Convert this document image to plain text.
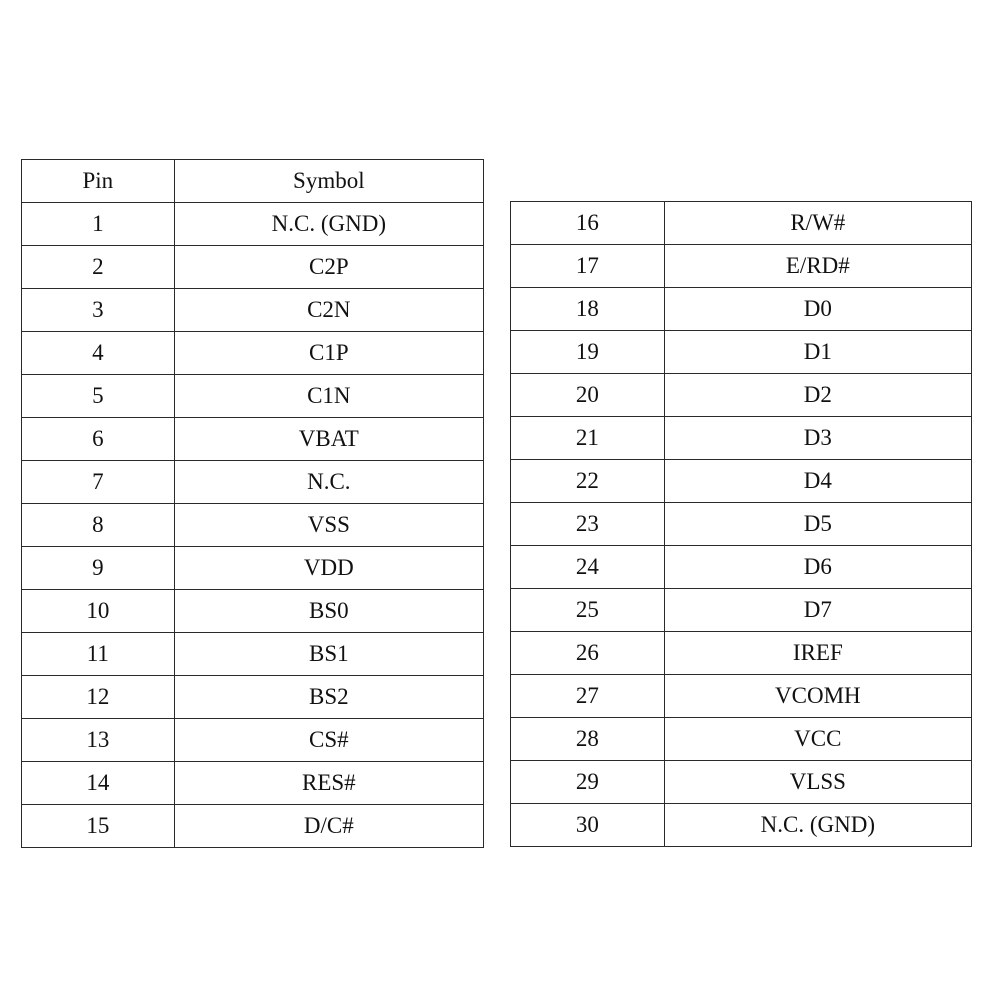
Pin	Symbol
1	N.C. (GND)
2	C2P
3	C2N
4	C1P
5	C1N
6	VBAT
7	N.C.
8	VSS
9	VDD
10	BS0
11	BS1
12	BS2
13	CS#
14	RES#
15	D/C#
16	R/W#
17	E/RD#
18	D0
19	D1
20	D2
21	D3
22	D4
23	D5
24	D6
25	D7
26	IREF
27	VCOMH
28	VCC
29	VLSS
30	N.C. (GND)
